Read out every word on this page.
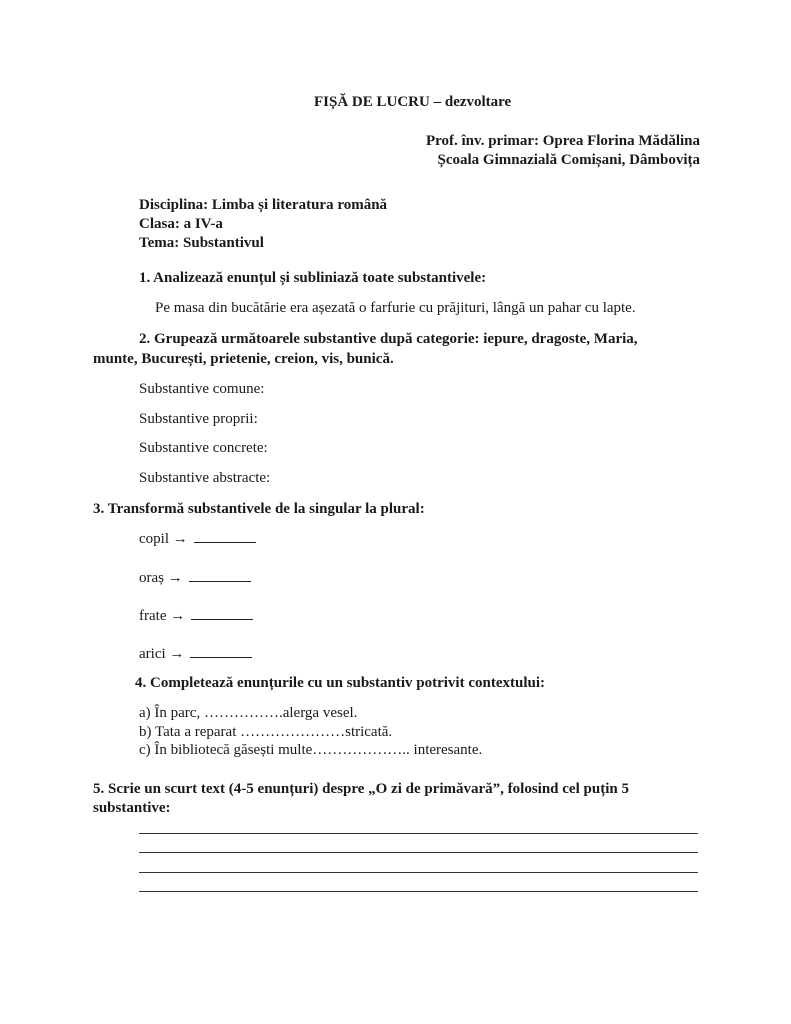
FIȘĂ DE LUCRU – dezvoltare
Prof. înv. primar: Oprea Florina Mădălina
Școala Gimnazială Comișani, Dâmbovița
Disciplina: Limba și literatura română
Clasa: a IV-a
Tema: Substantivul
1. Analizează enunțul și subliniază toate substantivele:
Pe masa din bucătărie era așezată o farfurie cu prăjituri, lângă un pahar cu lapte.
2. Grupează următoarele substantive după categorie: iepure, dragoste, Maria,
munte, București, prietenie, creion, vis, bunică.
Substantive comune:
Substantive proprii:
Substantive concrete:
Substantive abstracte:
3. Transformă substantivele de la singular la plural:
copil →
oraș →
frate →
arici →
4. Completează enunțurile cu un substantiv potrivit contextului:
a) În parc, …………….alerga vesel.
b) Tata a reparat …………………stricată.
c) În bibliotecă găsești multe……………….. interesante.
5. Scrie un scurt text (4-5 enunțuri) despre „O zi de primăvară”, folosind cel puțin 5
substantive:
